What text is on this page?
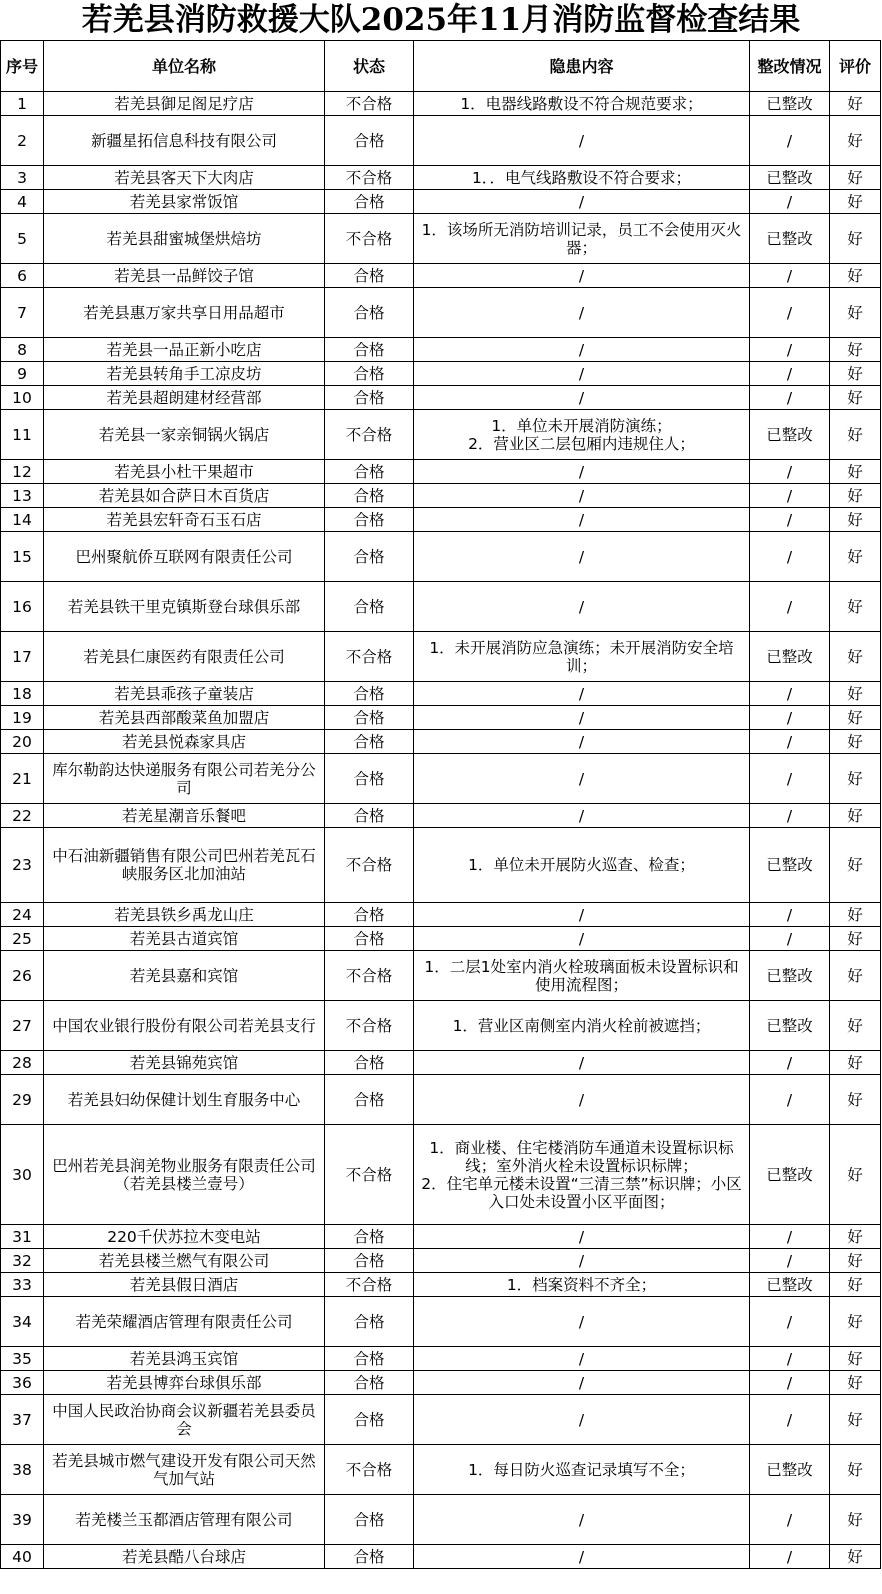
若羌县消防救援大队2025年11月消防监督检查结果
序号	单位名称	状态	隐患内容	整改情况	评价
1	若羌县御足阁足疗店	不合格	1．电器线路敷设不符合规范要求；	已整改	好
2	新疆星拓信息科技有限公司	合格	/	/	好
3	若羌县客天下大肉店	不合格	1．．电气线路敷设不符合要求；	已整改	好
4	若羌县家常饭馆	合格	/	/	好
5	若羌县甜蜜城堡烘焙坊	不合格	1．该场所无消防培训记录，员工不会使用灭火器；	已整改	好
6	若羌县一品鲜饺子馆	合格	/	/	好
7	若羌县惠万家共享日用品超市	合格	/	/	好
8	若羌县一品正新小吃店	合格	/	/	好
9	若羌县转角手工凉皮坊	合格	/	/	好
10	若羌县超朗建材经营部	合格	/	/	好
11	若羌县一家亲铜锅火锅店	不合格	1．单位未开展消防演练；
2．营业区二层包厢内违规住人；	已整改	好
12	若羌县小杜干果超市	合格	/	/	好
13	若羌县如合萨日木百货店	合格	/	/	好
14	若羌县宏轩奇石玉石店	合格	/	/	好
15	巴州聚航侨互联网有限责任公司	合格	/	/	好
16	若羌县铁干里克镇斯登台球俱乐部	合格	/	/	好
17	若羌县仁康医药有限责任公司	不合格	1．未开展消防应急演练；未开展消防安全培训；	已整改	好
18	若羌县乖孩子童装店	合格	/	/	好
19	若羌县西部酸菜鱼加盟店	合格	/	/	好
20	若羌县悦森家具店	合格	/	/	好
21	库尔勒韵达快递服务有限公司若羌分公司	合格	/	/	好
22	若羌星潮音乐餐吧	合格	/	/	好
23	中石油新疆销售有限公司巴州若羌瓦石峡服务区北加油站	不合格	1．单位未开展防火巡查、检查；	已整改	好
24	若羌县铁乡禹龙山庄	合格	/	/	好
25	若羌县古道宾馆	合格	/	/	好
26	若羌县嘉和宾馆	不合格	1．二层1处室内消火栓玻璃面板未设置标识和使用流程图；	已整改	好
27	中国农业银行股份有限公司若羌县支行	不合格	1．营业区南侧室内消火栓前被遮挡；	已整改	好
28	若羌县锦苑宾馆	合格	/	/	好
29	若羌县妇幼保健计划生育服务中心	合格	/	/	好
30	巴州若羌县润羌物业服务有限责任公司（若羌县楼兰壹号）	不合格	1．商业楼、住宅楼消防车通道未设置标识标线；室外消火栓未设置标识标牌；
2．住宅单元楼未设置“三清三禁”标识牌；小区入口处未设置小区平面图；	已整改	好
31	220千伏苏拉木变电站	合格	/	/	好
32	若羌县楼兰燃气有限公司	合格	/	/	好
33	若羌县假日酒店	不合格	1．档案资料不齐全；	已整改	好
34	若羌荣耀酒店管理有限责任公司	合格	/	/	好
35	若羌县鸿玉宾馆	合格	/	/	好
36	若羌县博弈台球俱乐部	合格	/	/	好
37	中国人民政治协商会议新疆若羌县委员会	合格	/	/	好
38	若羌县城市燃气建设开发有限公司天然气加气站	不合格	1．每日防火巡查记录填写不全；	已整改	好
39	若羌楼兰玉都酒店管理有限公司	合格	/	/	好
40	若羌县酷八台球店	合格	/	/	好
